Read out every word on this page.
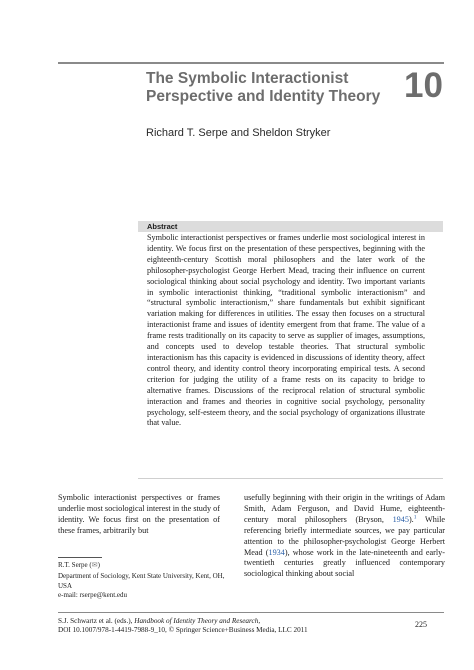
The Symbolic Interactionist
Perspective and Identity Theory 10
Richard T. Serpe and Sheldon Stryker
Abstract

Symbolic interactionist perspectives or frames underlie most sociological interest in identity. We focus first on the presentation of these perspectives, beginning with the eighteenth-century Scottish moral philosophers and the later work of the philosopher-psychologist George Herbert Mead, tracing their influence on current sociological thinking about social psychology and identity. Two important variants in symbolic interactionist thinking, “traditional symbolic interactionism” and “structural symbolic interactionism,” share fundamentals but exhibit significant variation making for differences in utilities. The essay then focuses on a structural interactionist frame and issues of identity emergent from that frame. The value of a frame rests traditionally on its capacity to serve as supplier of images, assumptions, and concepts used to develop testable theories. That structural symbolic interactionism has this capacity is evidenced in discussions of identity theory, affect control theory, and identity control theory incorporating empirical tests. A second criterion for judging the utility of a frame rests on its capacity to bridge to alternative frames. Discussions of the reciprocal relation of structural symbolic interaction and frames and theories in cognitive social psychology, personality psychology, self-esteem theory, and the social psychology of organizations illustrate that value.

Symbolic interactionist perspectives or frames underlie most sociological interest in the study of identity. We focus first on the presentation of these frames, arbitrarily but

usefully beginning with their origin in the writings of Adam Smith, Adam Ferguson, and David Hume, eighteenth-century moral philosophers (Bryson, 1945).$^1$ While referencing briefly intermediate sources, we pay particular attention to the philosopher-psychologist George Herbert Mead (1934), whose work in the late-nineteenth and early-twentieth centuries greatly influenced contemporary sociological thinking about social

R.T. Serpe (✉)
Department of Sociology, Kent State University, Kent, OH, USA
e-mail: rserpe@kent.edu
S.J. Schwartz et al. (eds.), Handbook of Identity Theory and Research,
DOI 10.1007/978-1-4419-7988-9_10, © Springer Science+Business Media, LLC 2011
225
